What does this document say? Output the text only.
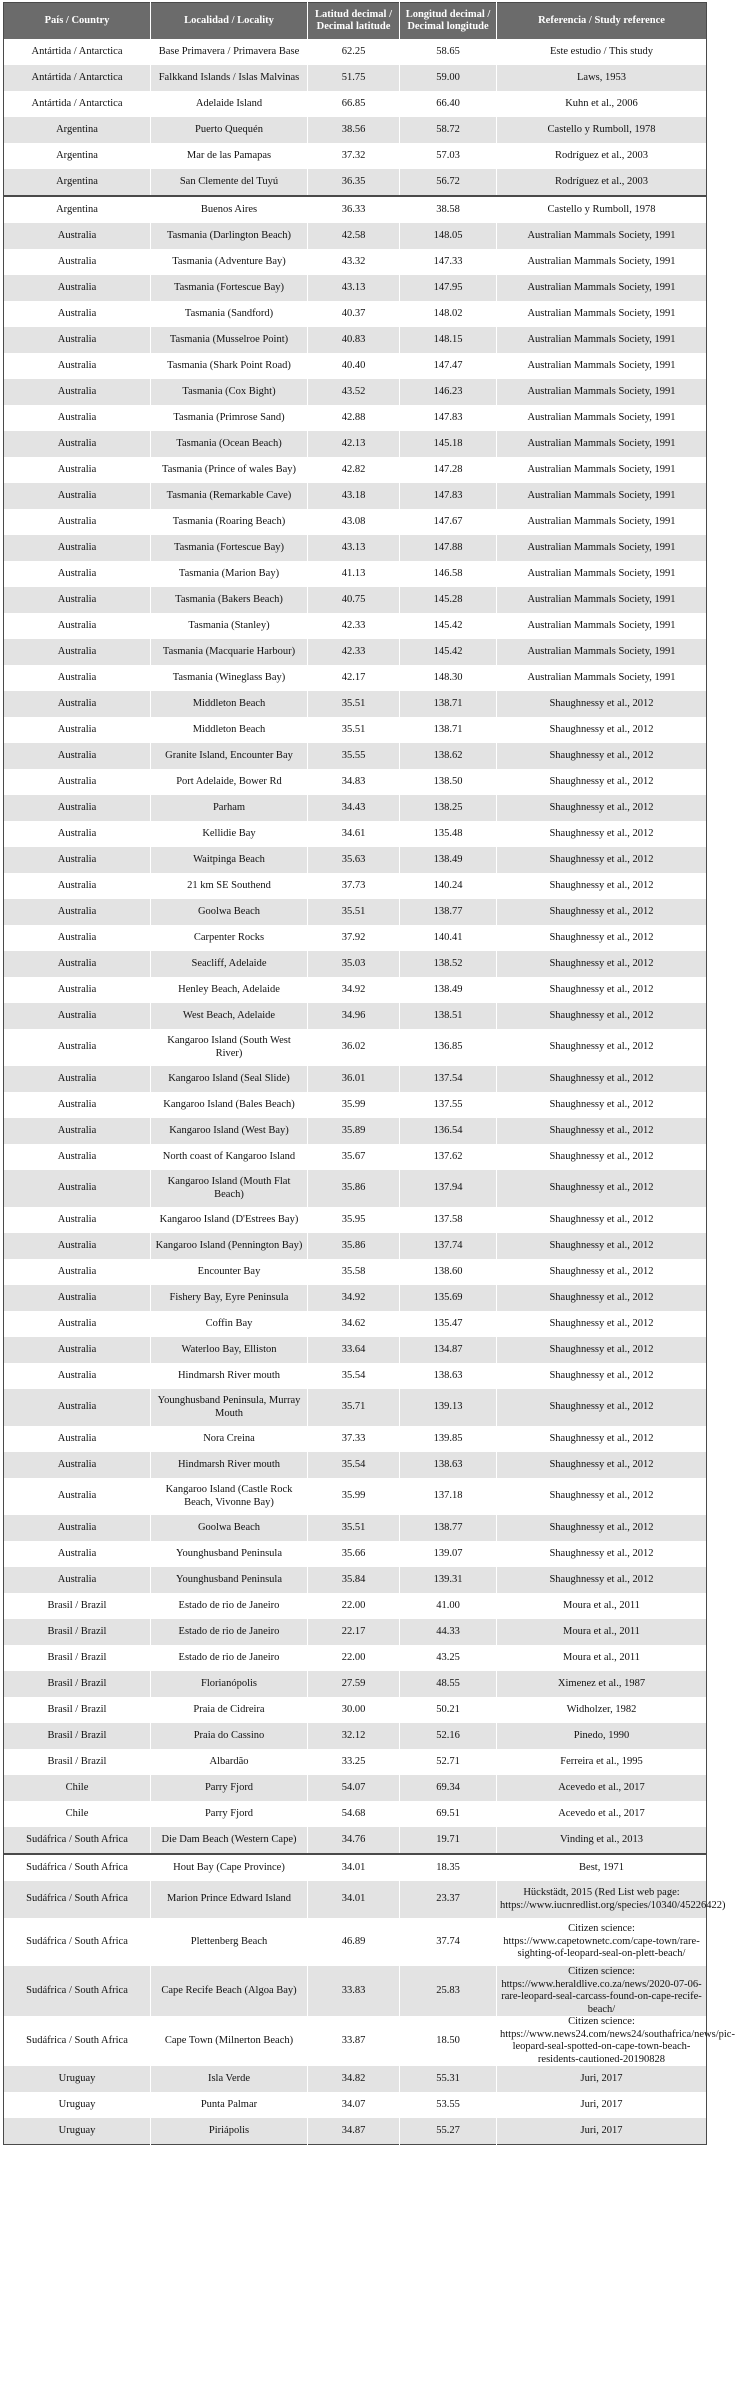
País / Country	Localidad / Locality	Latitud decimal / Decimal latitude	Longitud decimal / Decimal longitude	Referencia / Study reference
Antártida / Antarctica	Base Primavera / Primavera Base	62.25	58.65	Este estudio / This study
Antártida / Antarctica	Falkkand Islands / Islas Malvinas	51.75	59.00	Laws, 1953
Antártida / Antarctica	Adelaide Island	66.85	66.40	Kuhn et al., 2006
Argentina	Puerto Quequén	38.56	58.72	Castello y Rumboll, 1978
Argentina	Mar de las Pamapas	37.32	57.03	Rodríguez et al., 2003
Argentina	San Clemente del Tuyú	36.35	56.72	Rodríguez et al., 2003
Argentina	Buenos Aires	36.33	38.58	Castello y Rumboll, 1978
Australia	Tasmania (Darlington Beach)	42.58	148.05	Australian Mammals Society, 1991
Australia	Tasmania (Adventure Bay)	43.32	147.33	Australian Mammals Society, 1991
Australia	Tasmania (Fortescue Bay)	43.13	147.95	Australian Mammals Society, 1991
Australia	Tasmania (Sandford)	40.37	148.02	Australian Mammals Society, 1991
Australia	Tasmania (Musselroe Point)	40.83	148.15	Australian Mammals Society, 1991
Australia	Tasmania (Shark Point Road)	40.40	147.47	Australian Mammals Society, 1991
Australia	Tasmania (Cox Bight)	43.52	146.23	Australian Mammals Society, 1991
Australia	Tasmania (Primrose Sand)	42.88	147.83	Australian Mammals Society, 1991
Australia	Tasmania (Ocean Beach)	42.13	145.18	Australian Mammals Society, 1991
Australia	Tasmania (Prince of wales Bay)	42.82	147.28	Australian Mammals Society, 1991
Australia	Tasmania (Remarkable Cave)	43.18	147.83	Australian Mammals Society, 1991
Australia	Tasmania (Roaring Beach)	43.08	147.67	Australian Mammals Society, 1991
Australia	Tasmania (Fortescue Bay)	43.13	147.88	Australian Mammals Society, 1991
Australia	Tasmania (Marion Bay)	41.13	146.58	Australian Mammals Society, 1991
Australia	Tasmania (Bakers Beach)	40.75	145.28	Australian Mammals Society, 1991
Australia	Tasmania (Stanley)	42.33	145.42	Australian Mammals Society, 1991
Australia	Tasmania (Macquarie Harbour)	42.33	145.42	Australian Mammals Society, 1991
Australia	Tasmania (Wineglass Bay)	42.17	148.30	Australian Mammals Society, 1991
Australia	Middleton Beach	35.51	138.71	Shaughnessy et al., 2012
Australia	Middleton Beach	35.51	138.71	Shaughnessy et al., 2012
Australia	Granite Island, Encounter Bay	35.55	138.62	Shaughnessy et al., 2012
Australia	Port Adelaide, Bower Rd	34.83	138.50	Shaughnessy et al., 2012
Australia	Parham	34.43	138.25	Shaughnessy et al., 2012
Australia	Kellidie Bay	34.61	135.48	Shaughnessy et al., 2012
Australia	Waitpinga Beach	35.63	138.49	Shaughnessy et al., 2012
Australia	21 km SE Southend	37.73	140.24	Shaughnessy et al., 2012
Australia	Goolwa Beach	35.51	138.77	Shaughnessy et al., 2012
Australia	Carpenter Rocks	37.92	140.41	Shaughnessy et al., 2012
Australia	Seacliff, Adelaide	35.03	138.52	Shaughnessy et al., 2012
Australia	Henley Beach, Adelaide	34.92	138.49	Shaughnessy et al., 2012
Australia	West Beach, Adelaide	34.96	138.51	Shaughnessy et al., 2012
Australia	Kangaroo Island (South West River)	36.02	136.85	Shaughnessy et al., 2012
Australia	Kangaroo Island (Seal Slide)	36.01	137.54	Shaughnessy et al., 2012
Australia	Kangaroo Island (Bales Beach)	35.99	137.55	Shaughnessy et al., 2012
Australia	Kangaroo Island (West Bay)	35.89	136.54	Shaughnessy et al., 2012
Australia	North coast of Kangaroo Island	35.67	137.62	Shaughnessy et al., 2012
Australia	Kangaroo Island (Mouth Flat Beach)	35.86	137.94	Shaughnessy et al., 2012
Australia	Kangaroo Island (D'Estrees Bay)	35.95	137.58	Shaughnessy et al., 2012
Australia	Kangaroo Island (Pennington Bay)	35.86	137.74	Shaughnessy et al., 2012
Australia	Encounter Bay	35.58	138.60	Shaughnessy et al., 2012
Australia	Fishery Bay, Eyre Peninsula	34.92	135.69	Shaughnessy et al., 2012
Australia	Coffin Bay	34.62	135.47	Shaughnessy et al., 2012
Australia	Waterloo Bay, Elliston	33.64	134.87	Shaughnessy et al., 2012
Australia	Hindmarsh River mouth	35.54	138.63	Shaughnessy et al., 2012
Australia	Younghusband Peninsula, Murray Mouth	35.71	139.13	Shaughnessy et al., 2012
Australia	Nora Creina	37.33	139.85	Shaughnessy et al., 2012
Australia	Hindmarsh River mouth	35.54	138.63	Shaughnessy et al., 2012
Australia	Kangaroo Island (Castle Rock Beach, Vivonne Bay)	35.99	137.18	Shaughnessy et al., 2012
Australia	Goolwa Beach	35.51	138.77	Shaughnessy et al., 2012
Australia	Younghusband Peninsula	35.66	139.07	Shaughnessy et al., 2012
Australia	Younghusband Peninsula	35.84	139.31	Shaughnessy et al., 2012
Brasil / Brazil	Estado de rio de Janeiro	22.00	41.00	Moura et al., 2011
Brasil / Brazil	Estado de rio de Janeiro	22.17	44.33	Moura et al., 2011
Brasil / Brazil	Estado de rio de Janeiro	22.00	43.25	Moura et al., 2011
Brasil / Brazil	Florianópolis	27.59	48.55	Ximenez et al., 1987
Brasil / Brazil	Praia de Cidreira	30.00	50.21	Widholzer, 1982
Brasil / Brazil	Praia do Cassino	32.12	52.16	Pinedo, 1990
Brasil / Brazil	Albardão	33.25	52.71	Ferreira et al., 1995
Chile	Parry Fjord	54.07	69.34	Acevedo et al., 2017
Chile	Parry Fjord	54.68	69.51	Acevedo et al., 2017
Sudáfrica / South Africa	Die Dam Beach (Western Cape)	34.76	19.71	Vinding et al., 2013
Sudáfrica / South Africa	Hout Bay (Cape Province)	34.01	18.35	Best, 1971
Sudáfrica / South Africa	Marion Prince Edward Island	34.01	23.37	Hückstädt, 2015 (Red List web page: https://www.iucnredlist.org/species/10340/45226422)
Sudáfrica / South Africa	Plettenberg Beach	46.89	37.74	Citizen science: https://www.capetownetc.com/cape-town/rare-sighting-of-leopard-seal-on-plett-beach/
Sudáfrica / South Africa	Cape Recife Beach (Algoa Bay)	33.83	25.83	Citizen science: https://www.heraldlive.co.za/news/2020-07-06-rare-leopard-seal-carcass-found-on-cape-recife-beach/
Sudáfrica / South Africa	Cape Town (Milnerton Beach)	33.87	18.50	Citizen science: https://www.news24.com/news24/southafrica/news/pic-leopard-seal-spotted-on-cape-town-beach-residents-cautioned-20190828
Uruguay	Isla Verde	34.82	55.31	Juri, 2017
Uruguay	Punta Palmar	34.07	53.55	Juri, 2017
Uruguay	Piriápolis	34.87	55.27	Juri, 2017
